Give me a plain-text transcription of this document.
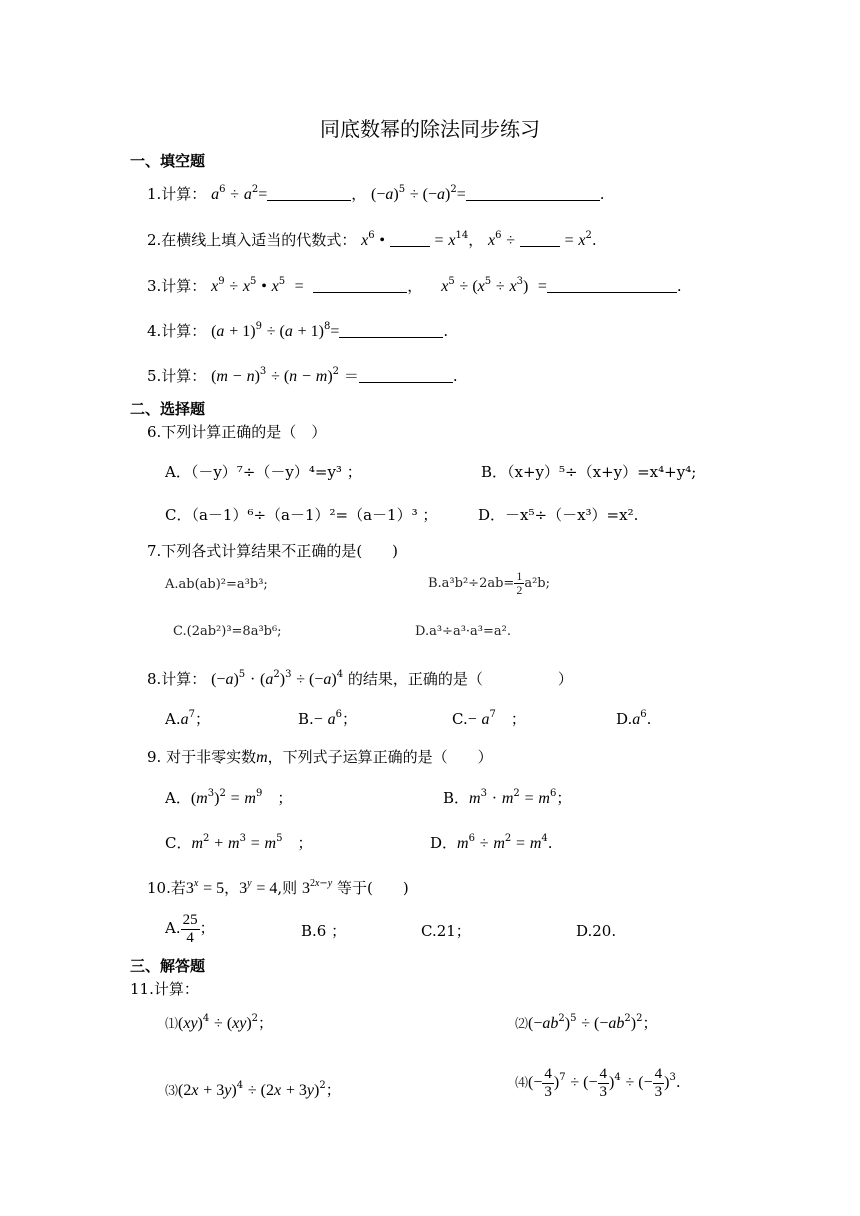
同底数幂的除法同步练习
一、填空题
1.计算： $a^6 \div a^2=$	， $(-a)^5 \div (-a)^2=$	.
2.在横线上填入适当的代数式： $x^6$ •	= $x^{14}$， $x^6$ ÷	= $x^2$.
3.计算： $x^9 \div x^5$ • $x^5$ =	， $x^5 \div (x^5 \div x^3)$ =	.
4.计算： $(a + 1)^9 \div (a + 1)^8=$	.
5.计算： $(m - n)^3 \div (n - m)^2$ ＝	.
二、选择题
6.下列计算正确的是（　）
A．（－y）⁷÷（－y）⁴=y³ ；	B．（x+y）⁵÷（x+y）=x⁴+y⁴;
C．（a－1）⁶÷（a－1）²=（a－1）³ ；	D．－x⁵÷（－x³）=x².
7.下列各式计算结果不正确的是(　　)
A.ab(ab)²=a³b³;	$B.a^3b^2\div 2ab= \frac{1}{2} a^2b$;
C.(2ab²)³=8a³b⁶;	D.a³÷a³·a³=a².
8.计算： $(-a)^5 \cdot (a^2)^3 \div (-a)^4$ 的结果，正确的是（　　　　　）
$A.a^7$；	$B.- a^6$；	$C.- a^7$　；	$D.a^6$.
9. 对于非零实数m，下列式子运算正确的是（　　）
A．$(m^3)^2 = m^9$　；	B．$m^3 \cdot m^2 = m^6$；
C．$m^2 + m^3 = m^5$　；	D．$m^6 \div m^2 = m^4$.
10.若$3^x = 5$，$3^y = 4$,则 $3^{2x-y}$ 等于(　　)
A. $\frac{25}{4}$ ；	B.6 ；	C.21；	D.20.
三、解答题
11.计算：
⑴(xy)$^4$ ÷ (xy)$^2$；	$⑵(-ab^2)^5 \div (-ab^2)^2$；
⑶(2x + $3y)^4 \div (2x + 3y)^2$；	⑷(− $\frac{4}{3} )^7$ ÷ (− $\frac{4}{3} )^4$ ÷ (− $\frac{4}{3} )^3$.
